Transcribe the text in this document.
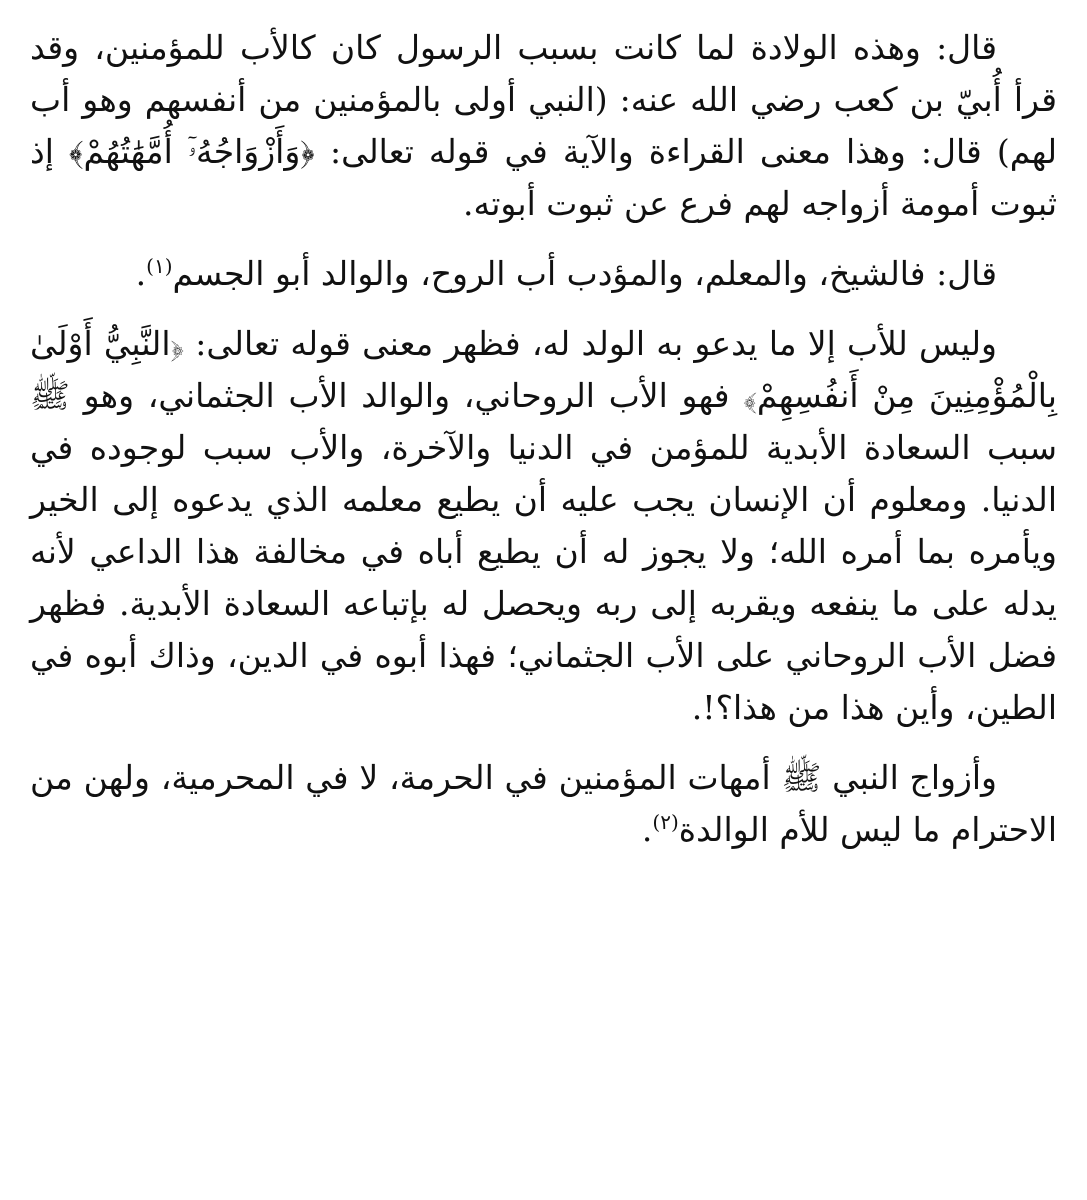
قال: وهذه الولادة لما كانت بسبب الرسول كان كالأب للمؤمنين، وقد قرأ أُبيّ بن كعب رضي الله عنه: (النبي أولى بالمؤمنين من أنفسهم وهو أب لهم) قال: وهذا معنى القراءة والآية في قوله تعالى: ﴿وَأَزْوَاجُهُۥٓ أُمَّهَٰتُهُمْ﴾ إذ ثبوت أمومة أزواجه لهم فرع عن ثبوت أبوته.

قال: فالشيخ، والمعلم، والمؤدب أب الروح، والوالد أبو الجسم$^{(١)}$.

وليس للأب إلا ما يدعو به الولد له، فظهر معنى قوله تعالى: ﴿النَّبِيُّ أَوْلَىٰ بِالْمُؤْمِنِينَ مِنْ أَنفُسِهِمْ﴾ فهو الأب الروحاني، والوالد الأب الجثماني، وهو ﷺ سبب السعادة الأبدية للمؤمن في الدنيا والآخرة، والأب سبب لوجوده في الدنيا. ومعلوم أن الإنسان يجب عليه أن يطيع معلمه الذي يدعوه إلى الخير ويأمره بما أمره الله؛ ولا يجوز له أن يطيع أباه في مخالفة هذا الداعي لأنه يدله على ما ينفعه ويقربه إلى ربه ويحصل له بإتباعه السعادة الأبدية. فظهر فضل الأب الروحاني على الأب الجثماني؛ فهذا أبوه في الدين، وذاك أبوه في الطين، وأين هذا من هذا؟!.

وأزواج النبي ﷺ أمهات المؤمنين في الحرمة، لا في المحرمية، ولهن من الاحترام ما ليس للأم الوالدة$^{(٢)}$.
